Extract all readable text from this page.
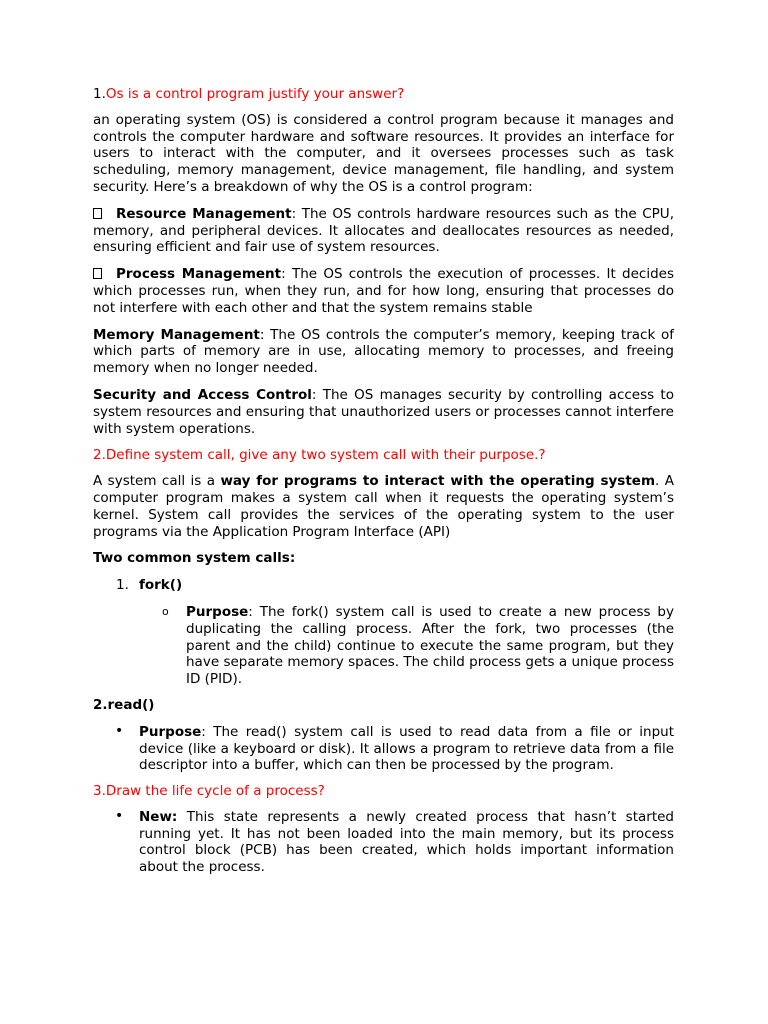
1.Os is a control program justify your answer?
an operating system (OS) is considered a control program because it manages and controls the computer hardware and software resources. It provides an interface for users to interact with the computer, and it oversees processes such as task scheduling, memory management, device management, file handling, and system security. Here’s a breakdown of why the OS is a control program:
Resource Management: The OS controls hardware resources such as the CPU, memory, and peripheral devices. It allocates and deallocates resources as needed, ensuring efficient and fair use of system resources.
Process Management: The OS controls the execution of processes. It decides which processes run, when they run, and for how long, ensuring that processes do not interfere with each other and that the system remains stable
Memory Management: The OS controls the computer’s memory, keeping track of which parts of memory are in use, allocating memory to processes, and freeing memory when no longer needed.
Security and Access Control: The OS manages security by controlling access to system resources and ensuring that unauthorized users or processes cannot interfere with system operations.
2.Define system call, give any two system call with their purpose.?
A system call is a way for programs to interact with the operating system. A computer program makes a system call when it requests the operating system’s kernel. System call provides the services of the operating system to the user programs via the Application Program Interface (API)
Two common system calls:
1. fork()
o Purpose: The fork() system call is used to create a new process by duplicating the calling process. After the fork, two processes (the parent and the child) continue to execute the same program, but they have separate memory spaces. The child process gets a unique process ID (PID).
2.read()
• Purpose: The read() system call is used to read data from a file or input device (like a keyboard or disk). It allows a program to retrieve data from a file descriptor into a buffer, which can then be processed by the program.
3.Draw the life cycle of a process?
• New: This state represents a newly created process that hasn’t started running yet. It has not been loaded into the main memory, but its process control block (PCB) has been created, which holds important information about the process.
